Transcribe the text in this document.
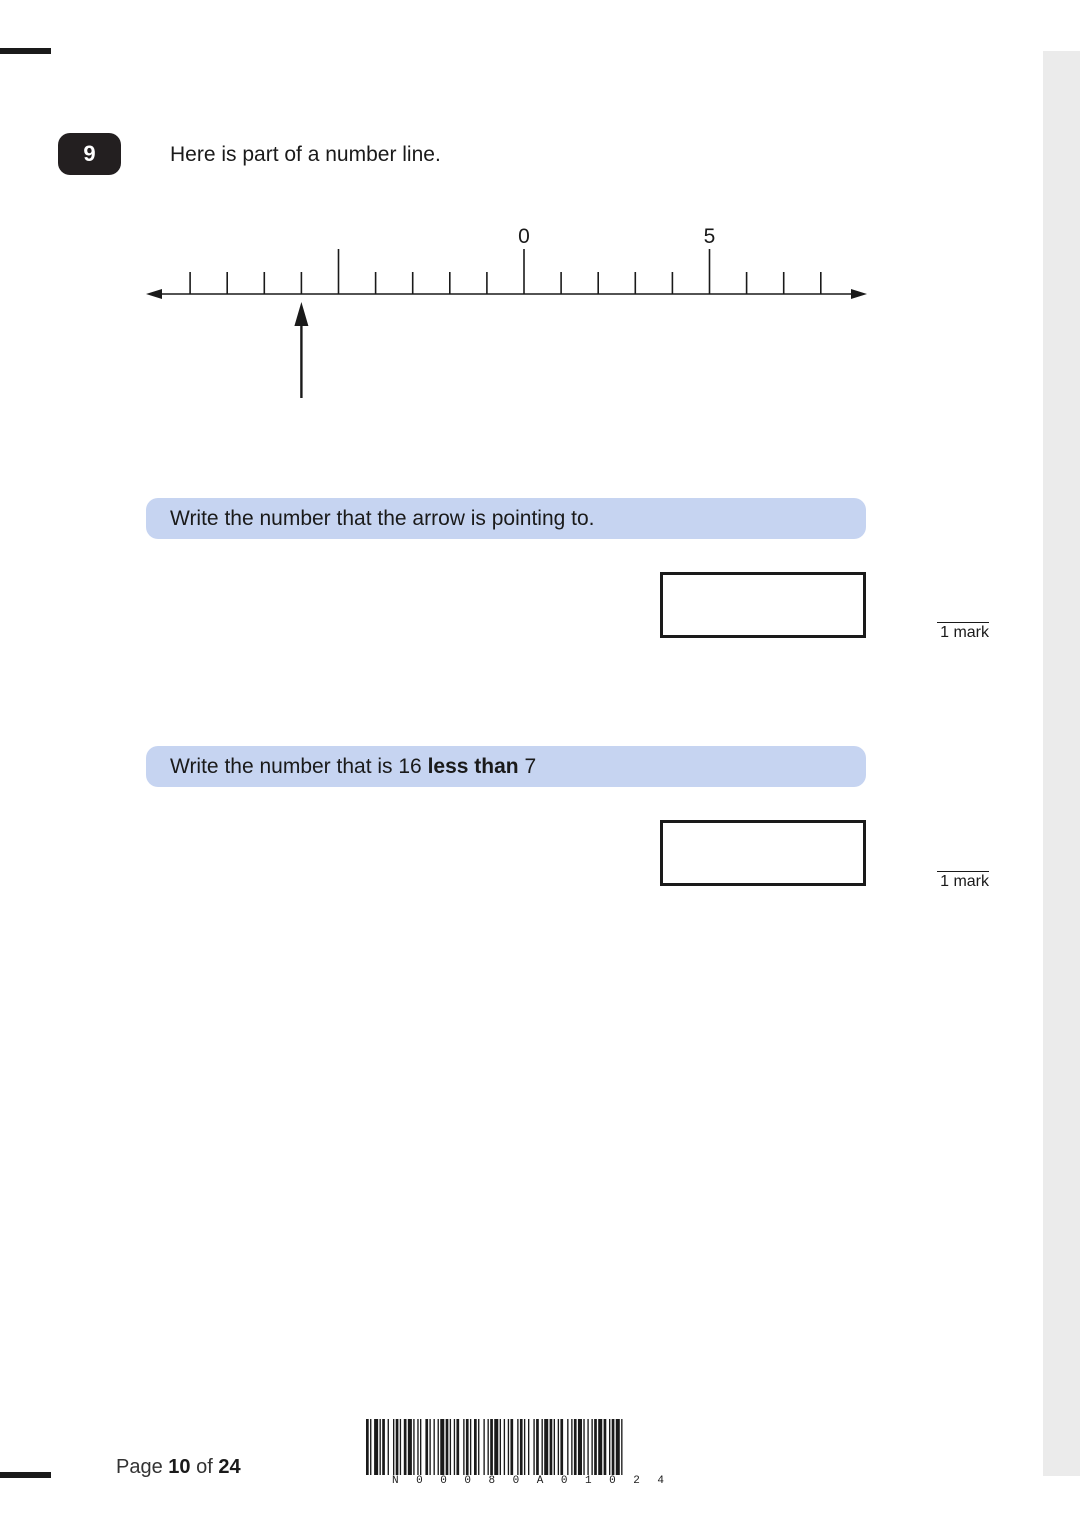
9	Here is part of a number line.
0	5
Write the number that the arrow is pointing to.
1 mark
Write the number that is 16 less than 7
1 mark
Page 10 of 24
N 0 0 0 8 0 A 0 1 0 2 4
